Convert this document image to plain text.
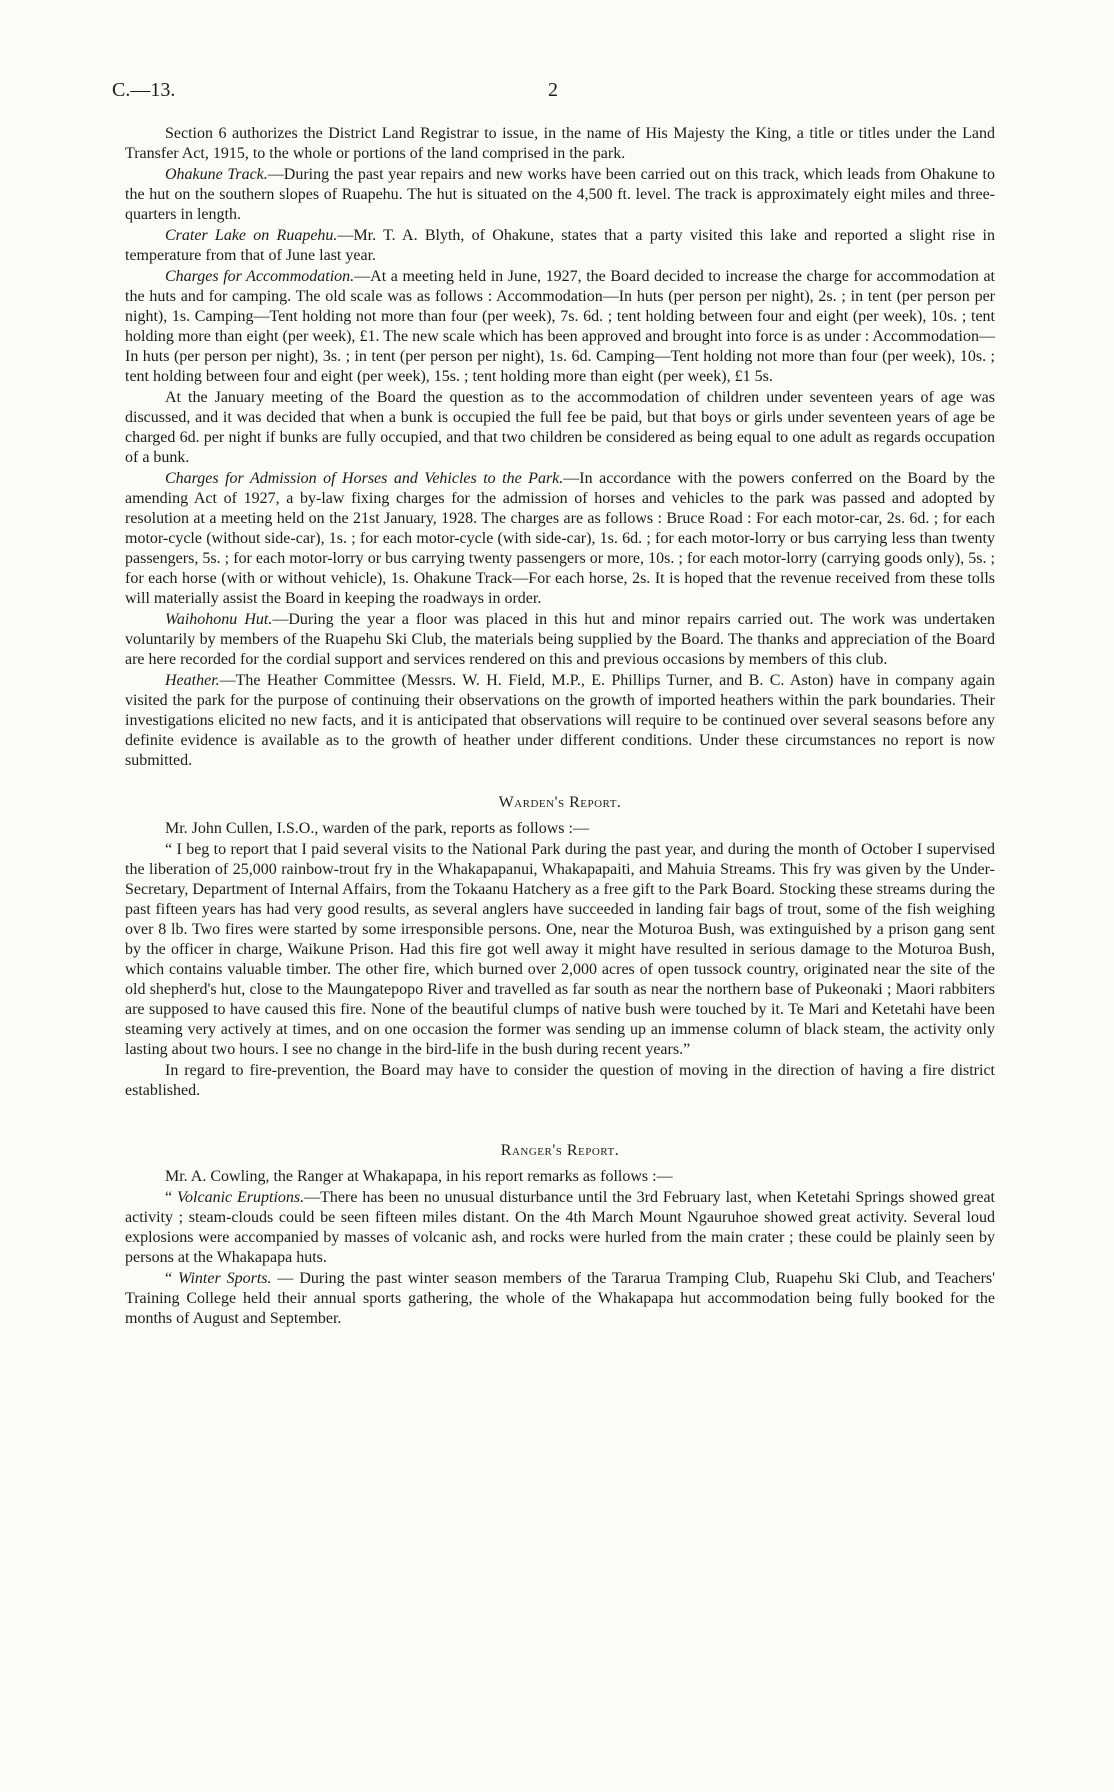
C.—13.	2

Section 6 authorizes the District Land Registrar to issue, in the name of His Majesty the King, a title or titles under the Land Transfer Act, 1915, to the whole or portions of the land comprised in the park.

Ohakune Track.—During the past year repairs and new works have been carried out on this track, which leads from Ohakune to the hut on the southern slopes of Ruapehu. The hut is situated on the 4,500 ft. level. The track is approximately eight miles and three-quarters in length.

Crater Lake on Ruapehu.—Mr. T. A. Blyth, of Ohakune, states that a party visited this lake and reported a slight rise in temperature from that of June last year.

Charges for Accommodation.—At a meeting held in June, 1927, the Board decided to increase the charge for accommodation at the huts and for camping. The old scale was as follows : Accommodation—In huts (per person per night), 2s. ; in tent (per person per night), 1s. Camping—Tent holding not more than four (per week), 7s. 6d. ; tent holding between four and eight (per week), 10s. ; tent holding more than eight (per week), £1. The new scale which has been approved and brought into force is as under : Accommodation—In huts (per person per night), 3s. ; in tent (per person per night), 1s. 6d. Camping—Tent holding not more than four (per week), 10s. ; tent holding between four and eight (per week), 15s. ; tent holding more than eight (per week), £1 5s.

At the January meeting of the Board the question as to the accommodation of children under seventeen years of age was discussed, and it was decided that when a bunk is occupied the full fee be paid, but that boys or girls under seventeen years of age be charged 6d. per night if bunks are fully occupied, and that two children be considered as being equal to one adult as regards occupation of a bunk.

Charges for Admission of Horses and Vehicles to the Park.—In accordance with the powers conferred on the Board by the amending Act of 1927, a by-law fixing charges for the admission of horses and vehicles to the park was passed and adopted by resolution at a meeting held on the 21st January, 1928. The charges are as follows : Bruce Road : For each motor-car, 2s. 6d. ; for each motor-cycle (without side-car), 1s. ; for each motor-cycle (with side-car), 1s. 6d. ; for each motor-lorry or bus carrying less than twenty passengers, 5s. ; for each motor-lorry or bus carrying twenty passengers or more, 10s. ; for each motor-lorry (carrying goods only), 5s. ; for each horse (with or without vehicle), 1s. Ohakune Track—For each horse, 2s. It is hoped that the revenue received from these tolls will materially assist the Board in keeping the roadways in order.

Waihohonu Hut.—During the year a floor was placed in this hut and minor repairs carried out. The work was undertaken voluntarily by members of the Ruapehu Ski Club, the materials being supplied by the Board. The thanks and appreciation of the Board are here recorded for the cordial support and services rendered on this and previous occasions by members of this club.

Heather.—The Heather Committee (Messrs. W. H. Field, M.P., E. Phillips Turner, and B. C. Aston) have in company again visited the park for the purpose of continuing their observations on the growth of imported heathers within the park boundaries. Their investigations elicited no new facts, and it is anticipated that observations will require to be continued over several seasons before any definite evidence is available as to the growth of heather under different conditions. Under these circumstances no report is now submitted.

Warden's Report.

Mr. John Cullen, I.S.O., warden of the park, reports as follows :—

“ I beg to report that I paid several visits to the National Park during the past year, and during the month of October I supervised the liberation of 25,000 rainbow-trout fry in the Whakapapanui, Whakapapaiti, and Mahuia Streams. This fry was given by the Under-Secretary, Department of Internal Affairs, from the Tokaanu Hatchery as a free gift to the Park Board. Stocking these streams during the past fifteen years has had very good results, as several anglers have succeeded in landing fair bags of trout, some of the fish weighing over 8 lb. Two fires were started by some irresponsible persons. One, near the Moturoa Bush, was extinguished by a prison gang sent by the officer in charge, Waikune Prison. Had this fire got well away it might have resulted in serious damage to the Moturoa Bush, which contains valuable timber. The other fire, which burned over 2,000 acres of open tussock country, originated near the site of the old shepherd's hut, close to the Maungatepopo River and travelled as far south as near the northern base of Pukeonaki ; Maori rabbiters are supposed to have caused this fire. None of the beautiful clumps of native bush were touched by it. Te Mari and Ketetahi have been steaming very actively at times, and on one occasion the former was sending up an immense column of black steam, the activity only lasting about two hours. I see no change in the bird-life in the bush during recent years.”

In regard to fire-prevention, the Board may have to consider the question of moving in the direction of having a fire district established.

Ranger's Report.

Mr. A. Cowling, the Ranger at Whakapapa, in his report remarks as follows :—

“ Volcanic Eruptions.—There has been no unusual disturbance until the 3rd February last, when Ketetahi Springs showed great activity ; steam-clouds could be seen fifteen miles distant. On the 4th March Mount Ngauruhoe showed great activity. Several loud explosions were accompanied by masses of volcanic ash, and rocks were hurled from the main crater ; these could be plainly seen by persons at the Whakapapa huts.

“ Winter Sports. — During the past winter season members of the Tararua Tramping Club, Ruapehu Ski Club, and Teachers' Training College held their annual sports gathering, the whole of the Whakapapa hut accommodation being fully booked for the months of August and September.
